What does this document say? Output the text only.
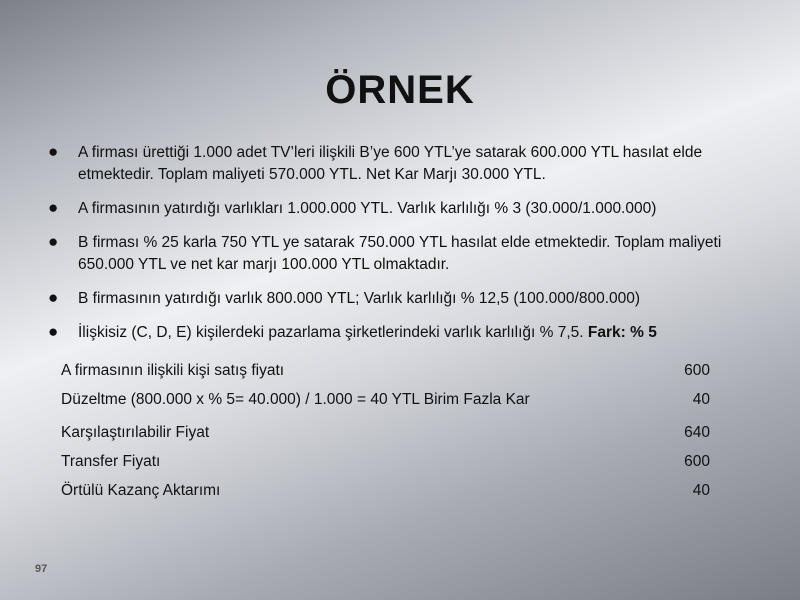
ÖRNEK
● A firması ürettiği 1.000 adet TV’leri ilişkili B’ye 600 YTL’ye satarak 600.000 YTL hasılat elde etmektedir. Toplam maliyeti 570.000 YTL. Net Kar Marjı 30.000 YTL.
● A firmasının yatırdığı varlıkları 1.000.000 YTL. Varlık karlılığı % 3 (30.000/1.000.000)
● B firması % 25 karla 750 YTL ye satarak 750.000 YTL hasılat elde etmektedir. Toplam maliyeti 650.000 YTL ve net kar marjı 100.000 YTL olmaktadır.
● B firmasının yatırdığı varlık 800.000 YTL; Varlık karlılığı % 12,5 (100.000/800.000)
● İlişkisiz (C, D, E) kişilerdeki pazarlama şirketlerindeki varlık karlılığı % 7,5. Fark: % 5
A firmasının ilişkili kişi satış fiyatı	600
Düzeltme (800.000 x % 5= 40.000) / 1.000 = 40 YTL Birim Fazla Kar	40
Karşılaştırılabilir Fiyat	640
Transfer Fiyatı	600
Örtülü Kazanç Aktarımı	40
97
